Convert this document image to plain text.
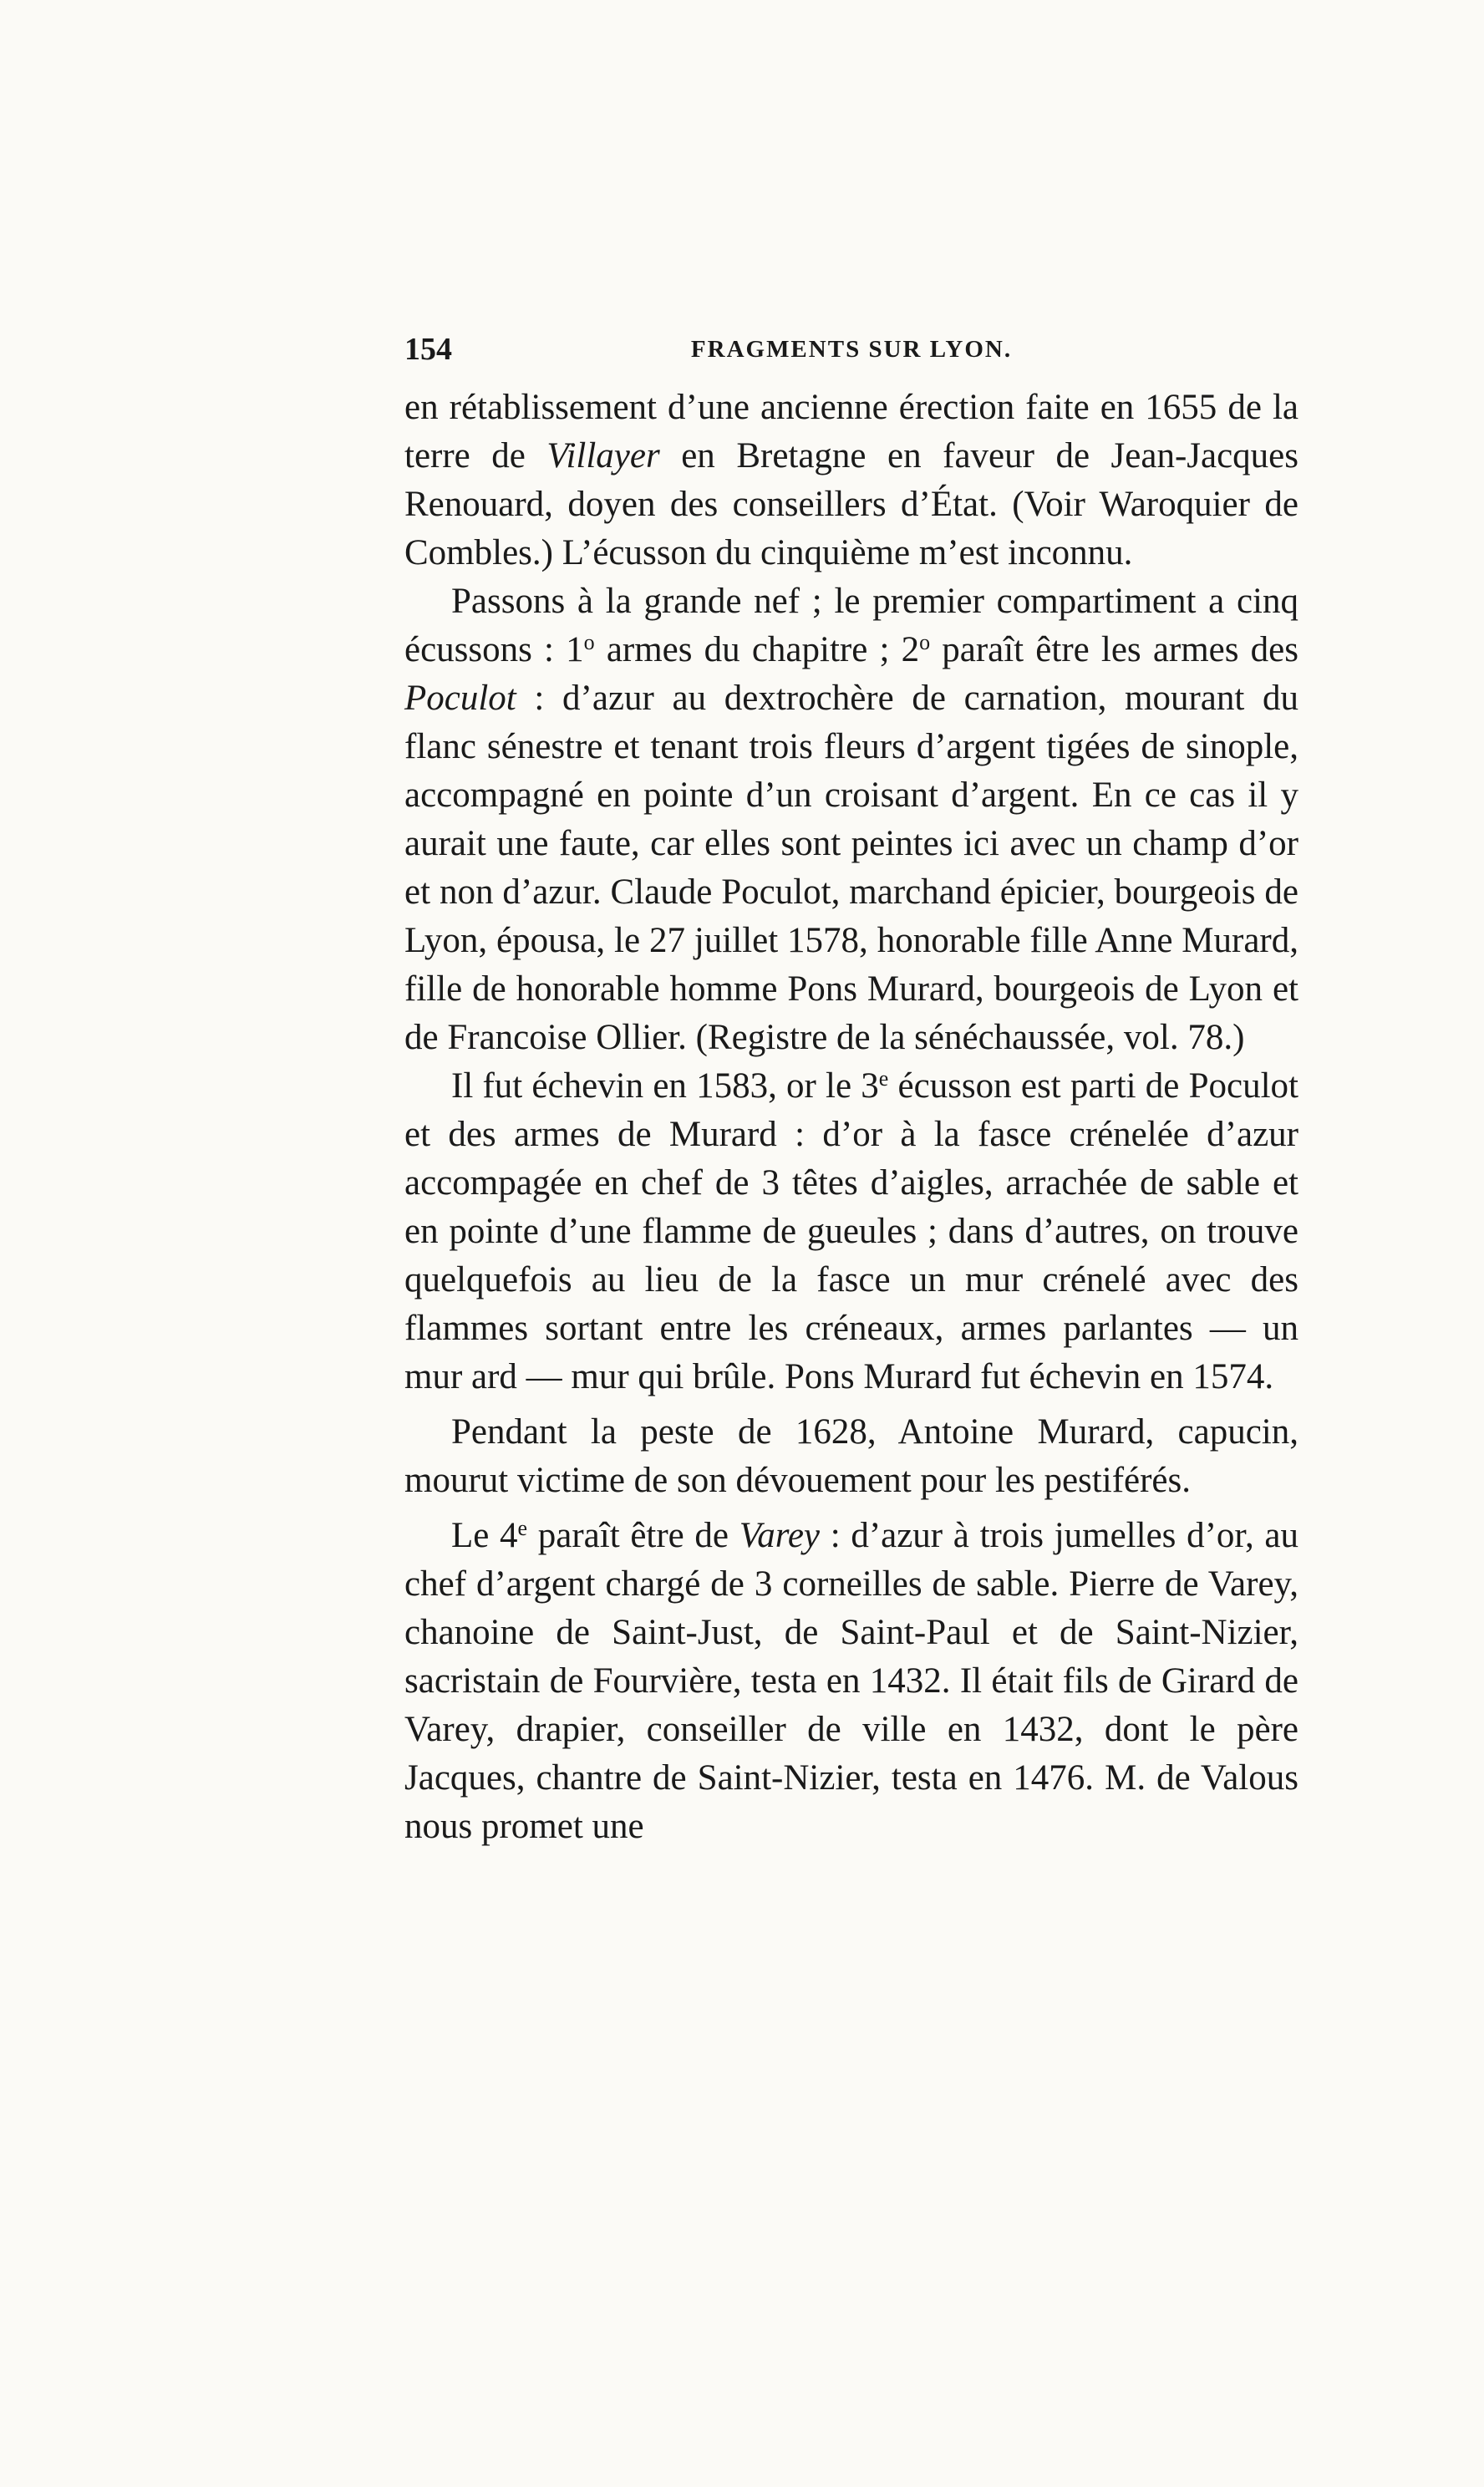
154	FRAGMENTS SUR LYON.

en rétablissement d’une ancienne érection faite en 1655 de la terre de Villayer en Bretagne en faveur de Jean-Jacques Renouard, doyen des conseillers d’État. (Voir Waroquier de Combles.) L’écusson du cinquième m’est inconnu.

Passons à la grande nef ; le premier compartiment a cinq écussons : 1$^o$ armes du chapitre ; 2$^o$ paraît être les armes des Poculot : d’azur au dextrochère de carnation, mourant du flanc sénestre et tenant trois fleurs d’argent tigées de sinople, accompagné en pointe d’un croisant d’argent. En ce cas il y aurait une faute, car elles sont peintes ici avec un champ d’or et non d’azur. Claude Poculot, marchand épicier, bourgeois de Lyon, épousa, le 27 juillet 1578, honorable fille Anne Murard, fille de honorable homme Pons Murard, bourgeois de Lyon et de Francoise Ollier. (Registre de la sénéchaussée, vol. 78.)

Il fut échevin en 1583, or le 3e écusson est parti de Poculot et des armes de Murard : d’or à la fasce crénelée d’azur accompagée en chef de 3 têtes d’aigles, arrachée de sable et en pointe d’une flamme de gueules ; dans d’autres, on trouve quelquefois au lieu de la fasce un mur crénelé avec des flammes sortant entre les créneaux, armes parlantes — un mur ard — mur qui brûle. Pons Murard fut échevin en 1574.

Pendant la peste de 1628, Antoine Murard, capucin, mourut victime de son dévouement pour les pestiférés.

Le 4e paraît être de Varey : d’azur à trois jumelles d’or, au chef d’argent chargé de 3 corneilles de sable. Pierre de Varey, chanoine de Saint-Just, de Saint-Paul et de Saint-Nizier, sacristain de Fourvière, testa en 1432. Il était fils de Girard de Varey, drapier, conseiller de ville en 1432, dont le père Jacques, chantre de Saint-Nizier, testa en 1476. M. de Valous nous promet une
